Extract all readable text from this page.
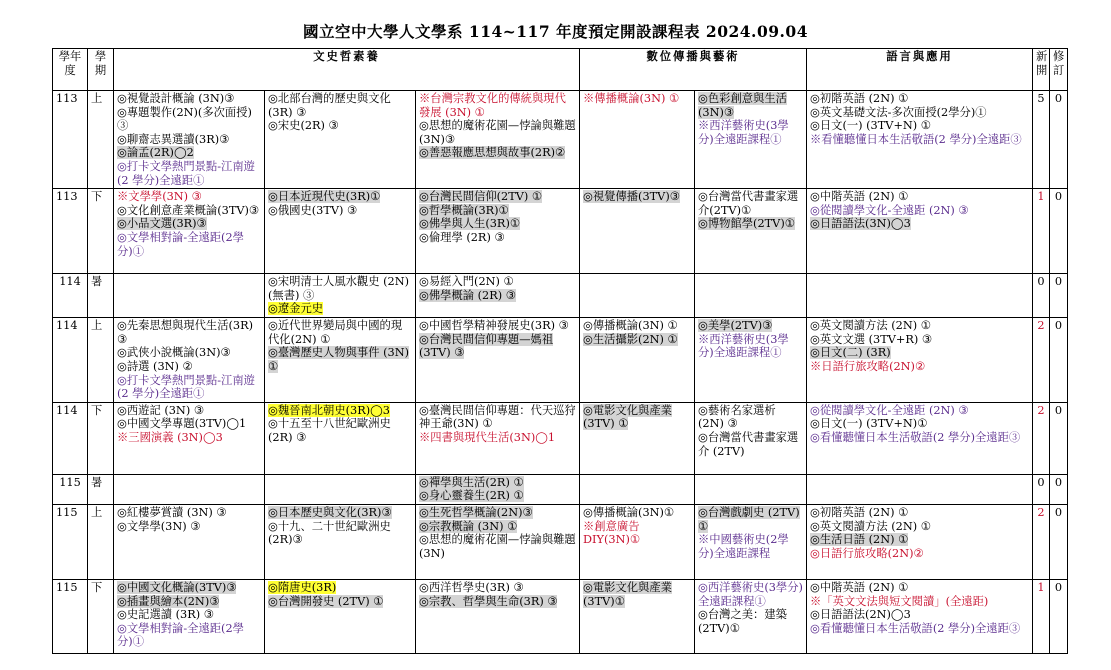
國立空中大學人文學系 114~117 年度預定開設課程表 2024.09.04
學年度	學期	文史哲素養			數位傳播與藝術		語言與應用	新開	修訂
113	上	◎視覺設計概論 (3N)③
◎專題製作(2N)(多次面授) ③
◎聊齋志異選讀(3R)③
◎論孟(2R)◯2
◎打卡文學熱門景點-江南遊(2 學分)全遠距①	◎北部台灣的歷史與文化(3R) ③
◎宋史(2R) ③	※台灣宗教文化的傳統與現代發展 (3N) ①
◎思想的魔術花園—悖論與難題(3N)③
◎善惡報應思想與故事(2R)②	※傳播概論(3N) ①	◎色彩創意與生活(3N)③
※西洋藝術史(3學分)全遠距課程①	◎初階英語 (2N) ①
◎英文基礎文法-多次面授(2學分)①
◎日文(一) (3TV+N) ①
※看懂聽懂日本生活敬語(2 學分)全遠距③	5	0
113	下	※文學學(3N) ③
◎文化創意產業概論(3TV)③
◎小品文選(3R)③
◎文學相對論-全遠距(2學分)①	◎日本近現代史(3R)①
◎俄國史(3TV) ③	◎台灣民間信仰(2TV) ①
◎哲學概論(3R)①
◎佛學與人生(3R)①
◎倫理學 (2R) ③	◎視覺傳播(3TV)③	◎台灣當代書畫家選介(2TV)①
◎博物館學(2TV)①	◎中階英語 (2N) ①
◎從閱讀學文化-全遠距 (2N) ③
◎日語語法(3N)◯3	1	0
114	暑		◎宋明清士人風水觀史 (2N)(無書) ③
◎遼金元史	◎易經入門(2N) ①
◎佛學概論 (2R) ③				0	0
114	上	◎先秦思想與現代生活(3R) ③
◎武俠小說概論(3N)③
◎詩選 (3N) ②
◎打卡文學熱門景點-江南遊(2 學分)全遠距①	◎近代世界變局與中國的現代化(2N) ①
◎臺灣歷史人物與事件 (3N) ①	◎中國哲學精神發展史(3R) ③
◎台灣民間信仰專題—媽祖 (3TV) ③	◎傳播概論(3N) ①
◎生活攝影(2N) ①	◎美學(2TV)③
※西洋藝術史(3學分)全遠距課程①	◎英文閱讀方法 (2N) ①
◎英文文選 (3TV+R) ③
◎日文(二) (3R)
※日語行旅攻略(2N)②	2	0
114	下	◎西遊記 (3N) ③
◎中國文學專題(3TV)◯1
※三國演義 (3N)◯3	◎魏晉南北朝史(3R)◯3
◎十五至十八世紀歐洲史(2R) ③	◎臺灣民間信仰專題：代天巡狩神王爺(3N) ①
※四書與現代生活(3N)◯1	◎電影文化與產業(3TV) ①	◎藝術名家選析 (2N) ③
◎台灣當代書畫家選介 (2TV)	◎從閱讀學文化-全遠距 (2N) ③
◎日文(一) (3TV+N)①
◎看懂聽懂日本生活敬語(2 學分)全遠距③	2	0
115	暑			◎禪學與生活(2R) ①
◎身心靈養生(2R) ①				0	0
115	上	◎紅樓夢賞讀 (3N) ③
◎文學學(3N) ③	◎日本歷史與文化(3R)③
◎十九、二十世紀歐洲史(2R)③	◎生死哲學概論(2N)③
◎宗教概論 (3N) ①
◎思想的魔術花園—悖論與難題(3N)	◎傳播概論(3N)①
※創意廣告DIY(3N)①	◎台灣戲劇史 (2TV) ①
※中國藝術史(2學分)全遠距課程	◎初階英語 (2N) ①
◎英文閱讀方法 (2N) ①
◎生活日語 (2N) ①
◎日語行旅攻略(2N)②	2	0
115	下	◎中國文化概論(3TV)③
◎插畫與繪本(2N)③
◎史記選讀 (3R) ③
◎文學相對論-全遠距(2學分)①	◎隋唐史(3R)
◎台灣開發史 (2TV) ①	◎西洋哲學史(3R) ③
◎宗教、哲學與生命(3R) ③	◎電影文化與產業(3TV)①	◎西洋藝術史(3學分)全遠距課程①
◎台灣之美：建築(2TV)①	◎中階英語 (2N) ①
※「英文文法與短文閱讀」(全遠距)
◎日語語法(2N)◯3
◎看懂聽懂日本生活敬語(2 學分)全遠距③	1	0
